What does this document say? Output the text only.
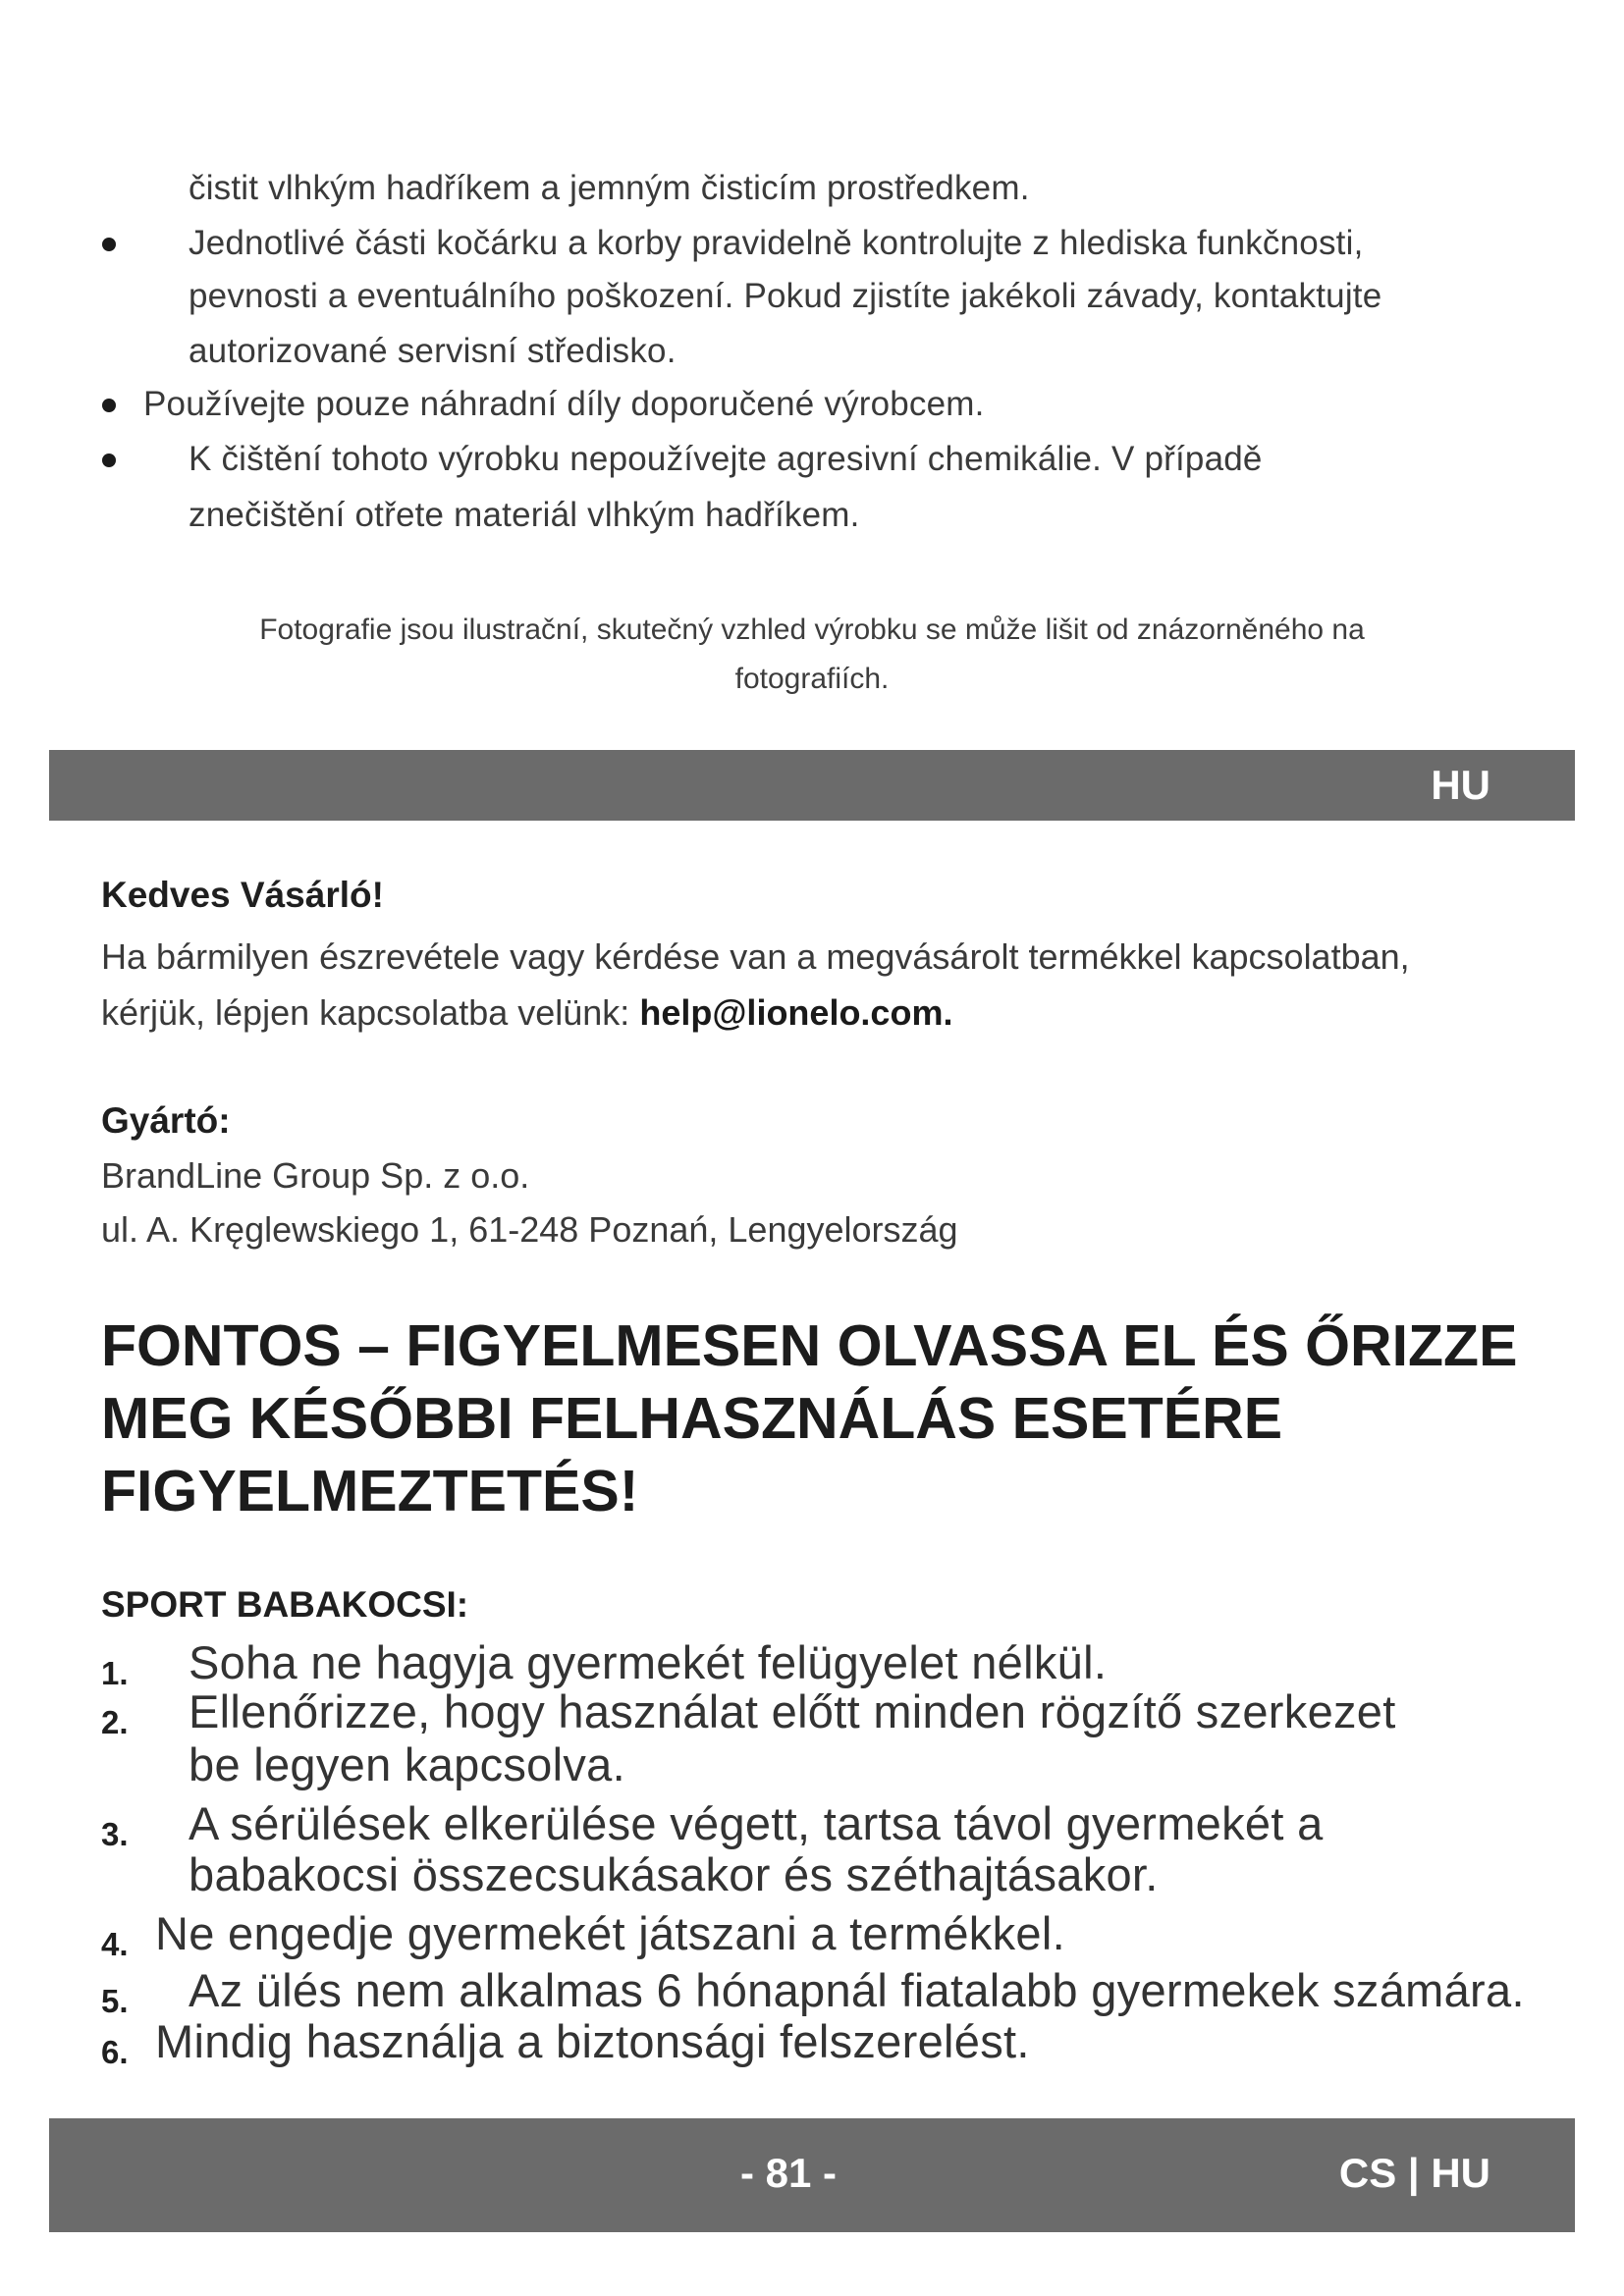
čistit vlhkým hadříkem a jemným čisticím prostředkem.
Jednotlivé části kočárku a korby pravidelně kontrolujte z hlediska funkčnosti,
pevnosti a eventuálního poškození. Pokud zjistíte jakékoli závady, kontaktujte
autorizované servisní středisko.
Používejte pouze náhradní díly doporučené výrobcem.
K čištění tohoto výrobku nepoužívejte agresivní chemikálie. V případě
znečištění otřete materiál vlhkým hadříkem.
Fotografie jsou ilustrační, skutečný vzhled výrobku se může lišit od znázorněného na
fotografiích.
HU
Kedves Vásárló!
Ha bármilyen észrevétele vagy kérdése van a megvásárolt termékkel kapcsolatban,
kérjük, lépjen kapcsolatba velünk: help@lionelo.com.
Gyártó:
BrandLine Group Sp. z o.o.
ul. A. Kręglewskiego 1, 61-248 Poznań, Lengyelország
FONTOS – FIGYELMESEN OLVASSA EL ÉS ŐRIZZE
MEG KÉSŐBBI FELHASZNÁLÁS ESETÉRE
FIGYELMEZTETÉS!
SPORT BABAKOCSI:
1. Soha ne hagyja gyermekét felügyelet nélkül.
2. Ellenőrizze, hogy használat előtt minden rögzítő szerkezet
be legyen kapcsolva.
3. A sérülések elkerülése végett, tartsa távol gyermekét a
babakocsi összecsukásakor és széthajtásakor.
4. Ne engedje gyermekét játszani a termékkel.
5. Az ülés nem alkalmas 6 hónapnál fiatalabb gyermekek számára.
6. Mindig használja a biztonsági felszerelést.
- 81 -	CS | HU
